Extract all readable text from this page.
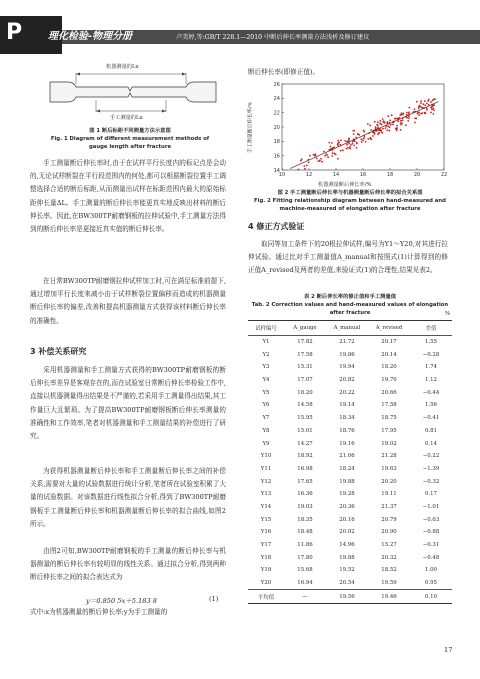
P	理化检验-物理分册	卢美婷,等:GB/T 228.1—2010 中断后伸长率测量方法浅析及修订建议
机器测量的Lu
手工测量的Lu
图 1 断后标距不同测量方法示意图
Fig. 1 Diagram of different measurement methods of
gauge length after fracture
手工测量断后伸长率时,由于在试样平行长度内的标记点是会动的,无论试样断裂在平行段范围内的何处,都可以根据断裂位置手工调整选择合适的断后标距,从而测量出试样在标距范围内最大的原始标距伸长量ΔL。手工测量的断后伸长率能更真实地反映出材料的断后伸长率。因此,在BW300TP耐磨钢板的拉伸试验中,手工测量方法得到的断后伸长率是更接近真实值的断后伸长率。
在日常BW300TP耐磨钢拉伸试样加工时,可在满足标准前提下,通过增加平行长度来减小由于试样断裂位置偏移而造成的机器测量断后伸长率的偏差,改善和提高机器测量方式获得该材料断后伸长率的准确性。
3 补偿关系研究
采用机器测量和手工测量方式获得的BW300TP耐磨钢板的断后伸长率差异是客观存在的,而在试验室日常断后伸长率检验工作中,直接以机器测量得出结果是不严谨的,若采用手工测量得出结果,其工作量巨大且繁琐。为了提高BW300TP耐磨钢板断后伸长率测量的准确性和工作效率,笔者对机器测量和手工测量结果的补偿进行了研究。
为获得机器测量断后伸长率和手工测量断后伸长率之间的补偿关系,需要对大量的试验数据进行统计分析,笔者所在试验室积累了大量的试验数据。对该数据进行线性拟合分析,得到了BW300TP耐磨钢板手工测量断后伸长率和机器测量断后伸长率的拟合曲线,如图2所示。
由图2可知,BW300TP耐磨钢板的手工测量的断后伸长率与机器测量的断后伸长率有较明显的线性关系。通过拟合分析,得到两种断后伸长率之间的拟合表达式为
y＝0.850 5x＋5.183 8	(1)
式中:x为机器测量的断后伸长率;y为手工测量的
断后伸长率(即修正值)。
10	12	14	16	18	20	22
14
16
18
20
22
24
26
机器测量断后伸长率/%
手工测量断后伸长率/%
图 2 手工测量断后伸长率与机器测量断后伸长率的拟合关系图
Fig. 2 Fitting relationship diagram between hand-measured and
machine-measured of elongation after fracture
4 修正方式验证
取同等加工条件下的20根拉伸试样,编号为Y1～Y20,对其进行拉伸试验。通过比对手工测量值A_manual和按照式(1)计算得到的修正值A_revised及两者的差值,来验证式(1)的合理性,结果见表2。
表 2 断后伸长率的修正值和手工测量值
Tab. 2 Correction values and hand-measured values of elongation
after fracture	%
试样编号	A_gauge	A_manual	A_revised	差值
Y1	17.82	21.72	20.17	1.55
Y2	17.58	19.86	20.14	−0.28
Y3	15.31	19.94	18.20	1.74
Y4	17.07	20.82	19.70	1.12
Y5	18.20	20.22	20.66	−0.44
Y6	14.58	19.14	17.58	1.56
Y7	15.95	18.34	18.75	−0.41
Y8	15.01	18.76	17.95	0.81
Y9	14.27	19.16	19.02	0.14
Y10	18.92	21.06	21.28	−0.22
Y11	16.98	18.24	19.63	−1.39
Y12	17.65	19.88	20.20	−0.32
Y13	16.36	19.28	19.11	0.17
Y14	19.03	20.36	21.37	−1.01
Y15	18.35	20.16	20.79	−0.63
Y16	18.48	20.02	20.90	−0.88
Y17	11.86	14.96	15.27	−0.31
Y18	17.80	19.88	20.32	−0.48
Y19	15.68	19.52	18.52	1.00
Y20	16.94	20.54	19.59	0.95
平均值	—	19.56	19.46	0.10
17
